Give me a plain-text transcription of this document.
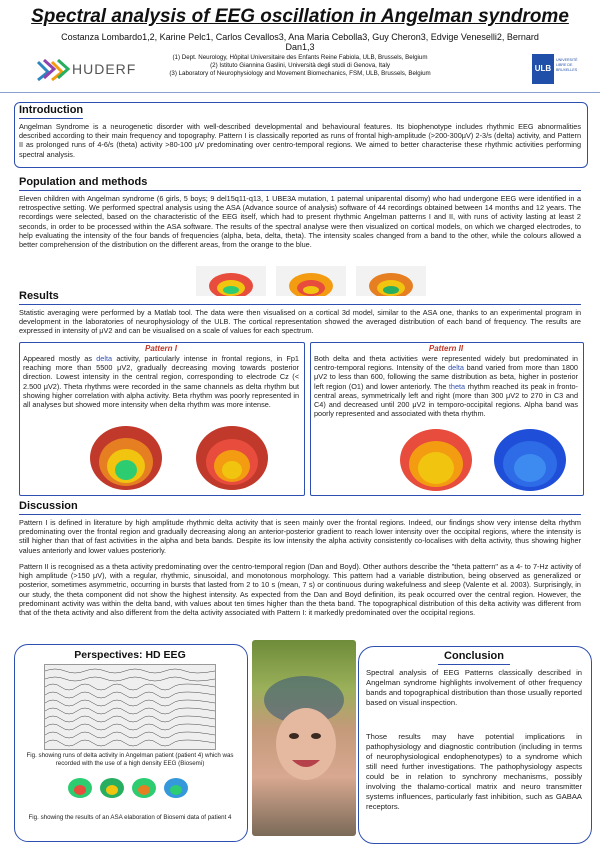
Spectral analysis of EEG oscillation in Angelman syndrome
Costanza Lombardo1,2, Karine Pelc1, Carlos Cevallos3, Ana Maria Cebolla3, Guy Cheron3, Edvige Veneselli2, Bernard Dan1,3
(1) Dept. Neurology, Hôpital Universitaire des Enfants Reine Fabiola, ULB, Brussels, Belgium
(2) Istituto Giannina Gaslini, Università degli studi di Genova, Italy
(3) Laboratory of Neurophysiology and Movement Biomechanics, FSM, ULB, Brussels, Belgium
HUDERF	ULB
UNIVERSITÉ LIBRE DE BRUXELLES
Introduction
Angelman Syndrome is a neurogenetic disorder with well-described developmental and behavioural features. Its biophenotype includes rhythmic EEG abnormalities described according to their main frequency and topography. Pattern I is classically reported as runs of frontal high-amplitude (>200-300μV) 2-3/s (delta) activity, and Pattern II as prolonged runs of 4-6/s (theta) activity >80-100 μV predominating over centro-temporal regions. We aimed to better characterise these rhythmic activities performing spectral analysis.
Population and methods
Eleven children with Angelman syndrome (6 girls, 5 boys; 9 del15q11-q13, 1 UBE3A mutation, 1 paternal uniparental disomy) who had undergone EEG were identified in a retrospective setting. We performed spectral analysis using the ASA (Advance source of analysis) software of 44 recordings obtained between 14 months and 12 years. The recordings were selected, based on the characteristic of the EEG itself, which had to present rhythmic Angelman patterns I and II, with runs of activity lasting at least 2 seconds, in order to be processed within the ASA software. The results of the spectral analyse were then visualized on cortical models, on which we charged electrodes, to help evaluating the intensity of the four bands of frequencies (alpha, beta, delta, theta). The intensity scales changed from a band to the other, while the colours allowed a better comprehension of the distribution on the different areas, from the orange to the blue.
Results
Statistic averaging were performed by a Matlab tool. The data were then visualised on a cortical 3d model, similar to the ASA one, thanks to an experimental program in development in the laboratories of neurophysiology of the ULB. The cortical representation showed the averaged distribution of each band of frequency. The results are expressed in intensity of μV2 and can be visualised on a scale of values for each spectrum.
Pattern I
Appeared mostly as delta activity, particularly intense in frontal regions, in Fp1 reaching more than 5500 μV2, gradually decreasing moving towards posterior direction. Lowest intensity in the central region, corresponding to electrode Cz (< 2.500 μV2). Theta rhythms were recorded in the same channels as delta rhythm but showing higher correlation with alpha activity. Beta rhythm was poorly represented in all analyses but showed more intensity when delta rhythm was more intense.
Pattern II
Both delta and theta activities were represented widely but predominated in centro-temporal regions. Intensity of the delta band varied from more than 1800 μV2 to less than 600, following the same distribution as beta, higher in posterior left region (O1) and lower anteriorly. The theta rhythm reached its peak in fronto-central areas, symmetrically left and right (more than 300 μV2 to 270 in C3 and C4) and decreased until 200 μV2 in temporo-occipital regions. Alpha band was poorly represented and associated with theta rhythm.
Discussion
Pattern I is defined in literature by high amplitude rhythmic delta activity that is seen mainly over the frontal regions. Indeed, our findings show very intense delta rhythm predominating over the frontal region and gradually decreasing along an anterior-posterior gradient to reach lower intensity over the occipital regions, where the intensity is still higher than that of fast activities in the alpha and beta bands. Despite its low intensity the alpha activity consistently co-localises with delta activity, thus showing higher values anteriorly and lower values posteriorly.
Pattern II is recognised as a theta activity predominating over the centro-temporal region (Dan and Boyd). Other authors describe the "theta pattern" as a 4- to 7-Hz activity of high amplitude (>150 μV), with a regular, rhythmic, sinusoidal, and monotonous morphology. This pattern had a variable distribution, being observed as generalized or posterior, sometimes asymmetric, occurring in bursts that lasted from 2 to 10 s (mean, 7 s) or continuous during wakefulness and sleep (Valente et al. 2003). Surprisingly, in our study, the theta component did not show the highest intensity. As expected from the Dan and Boyd definition, its peak occurred over the central region. However, the predominant activity was within the delta band, with values about ten times higher than the theta band. The topographical distribution of this delta activity was different from that of the theta activity and also different from the delta activity associated with Pattern I: it markedly predominated over the occipital regions.
Perspectives: HD EEG
Fig. showing runs of delta activity in Angelman patient (patient 4) which was recorded with the use of a high density EEG (Biosemi)
Fig. showing the results of an ASA elaboration of Biosemi data of patient 4
Conclusion
Spectral analysis of EEG Patterns classically described in Angelman syndrome highlights involvement of other frequency bands and topographical distribution than those usually reported based on visual inspection.
Those results may have potential implications in pathophysiology and diagnostic contribution (including in terms of neurophysiological endophenotypes) to a syndrome which still need further investigations. The pathophysiology aspects could be in relation to synchrony mechanisms, possibly involving the thalamo-cortical matrix and neuro transmitter systems influences, particularly fast inhibition, such as GABAA receptors.
